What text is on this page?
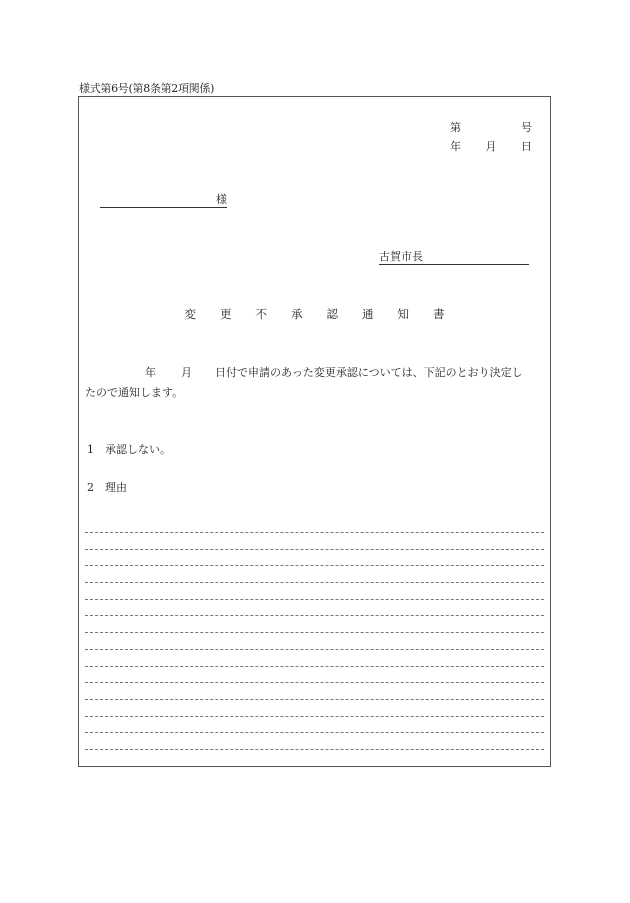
様式第6号(第8条第2項関係)
第	号
年 月 日
様
古賀市長
変更不承認通知書
年 月 日付で申請のあった変更承認については、下記のとおり決定し
たので通知します。
1 承認しない。
2 理由
